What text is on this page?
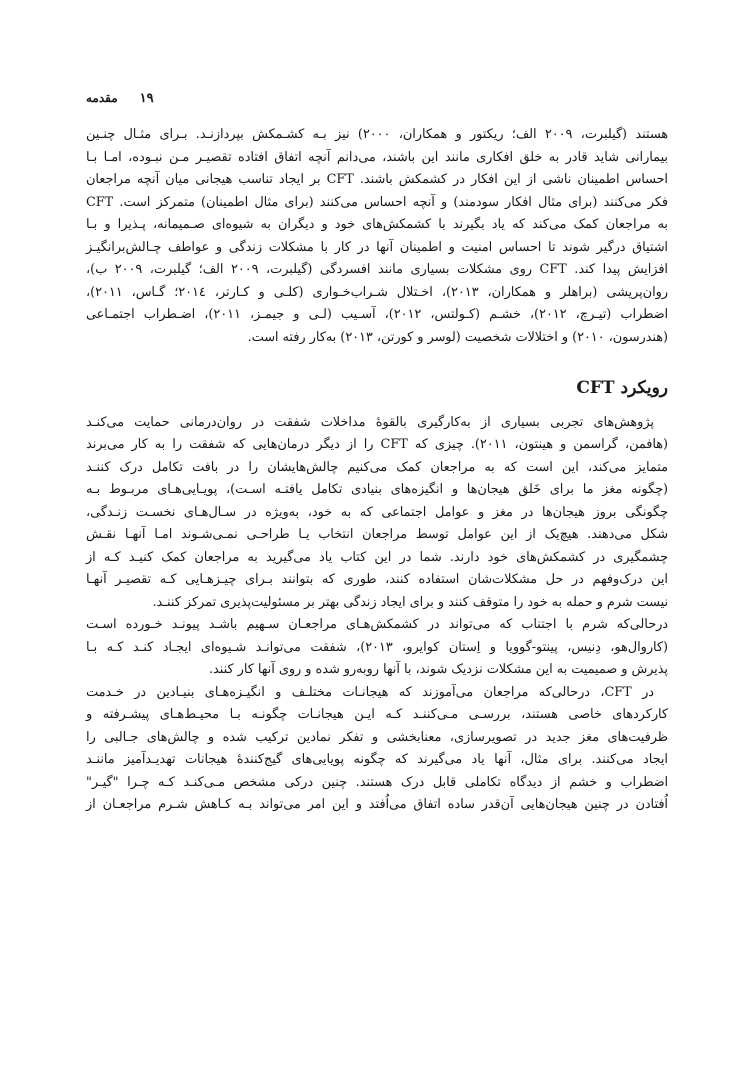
۱۹
مقدمه

هستند (گیلبرت، ۲۰۰۹ الف؛ ریکتور و همکاران، ۲۰۰۰) نیز بـه کشـمکش بپردازنـد. بـرای مثـال چنـین
بیمارانی شاید قادر به خلق افکاری مانند این باشند، می‌دانم آنچه اتفاق افتاده تقصیـر مـن نبـوده، امـا بـا
احساس اطمینان ناشی از این افکار در کشمکش باشند. CFT بر ایجاد تناسب هیجانی میان آنچه مراجعان
فکر می‌کنند (برای مثال افکار سودمند) و آنچه احساس می‌کنند (برای مثال اطمینان) متمرکز است. CFT
به مراجعان کمک می‌کند که یاد بگیرند با کشمکش‌های خود و دیگران به شیوه‌ای صـمیمانه، پـذیرا و بـا
اشتیاق درگیر شوند تا احساس امنیت و اطمینان آنها در کار با مشکلات زندگی و عواطف چـالش‌برانگیـز
افزایش پیدا کند. CFT روی مشکلات بسیاری مانند افسردگی (گیلبرت، ۲۰۰۹ الف؛ گیلبرت، ۲۰۰۹ ب)،
روان‌پریشی (براهلر و همکاران، ۲۰۱۳)، اخـتلال شـراب‌خـواری (کلـی و کـارتر، ۲۰۱٤؛ گـاس، ۲۰۱۱)،
اضطراب (تیـرچ، ۲۰۱۲)، خشـم (کـولتس، ۲۰۱۲)، آسـیب (لـی و جیمـز، ۲۰۱۱)، اضـطراب اجتمـاعی
(هندرسون، ۲۰۱۰) و اختلالات شخصیت (لوسر و کورتن، ۲۰۱۳) به‌کار رفته است.

رویکرد CFT

پژوهش‌های تجربی بسیاری از به‌کارگیری بالقوهٔ مداخلات شفقت در روان‌درمانی حمایت می‌کنـد
(هافمن، گراسمن و هینتون، ۲۰۱۱). چیزی که CFT را از دیگر درمان‌هایی که شفقت را به کار می‌برند
متمایز می‌کند، این است که به مراجعان کمک می‌کنیم چالش‌هایشان را در بافت تکامل درک کننـد
(چگونه مغز ما برای خَلق هیجان‌ها و انگیزه‌های بنیادی تکامل یافتـه اسـت)، پویـایی‌هـای مربـوط بـه
چگونگی بروز هیجان‌ها در مغز و عوامل اجتماعی که به خود، به‌ویژه در سـال‌هـای نخسـت زنـدگی،
شکل می‌دهند. هیچ‌یک از این عوامل توسط مراجعان انتخاب یـا طراحـی نمـی‌شـوند امـا آنهـا نقـش
چشمگیری در کشمکش‌های خود دارند. شما در این کتاب یاد می‌گیرید به مراجعان کمک کنیـد کـه از
این درک‌وفهم در حل مشکلات‌شان استفاده کنند، طوری که بتوانند بـرای چیـزهـایی کـه تقصیـر آنهـا
نیست شرم و حمله به خود را متوقف کنند و برای ایجاد زندگی بهتر بر مسئولیت‌پذیری تمرکز کننـد.

درحالی‌که شرم با اجتناب که می‌تواند در کشمکش‌هـای مراجعـان سـهیم باشـد پیونـد خـورده اسـت
(کاروال‌هو، دِنیس، پینتو-گوویا و اِستان کوایرو، ۲۰۱۳)، شفقت می‌توانـد شـیوه‌ای ایجـاد کنـد کـه بـا
پذیرش و صمیمیت به این مشکلات نزدیک شوند، با آنها روبه‌رو شده و روی آنها کار کنند.

در CFT، درحالی‌که مراجعان می‌آموزند که هیجانـات مختلـف و انگیـزه‌هـای بنیـادین در خـدمت
کارکردهای خاصی هستند، بررسـی مـی‌کننـد کـه ایـن هیجانـات چگونـه بـا محیـط‌هـای پیشـرفته و
ظرفیت‌های مغز جدید در تصویرسازی، معنابخشی و تفکر نمادین ترکیب شده و چالش‌های جـالبی را
ایجاد می‌کنند. برای مثال، آنها یاد می‌گیرند که چگونه پویایی‌های گیج‌کنندهٔ هیجانات تهدیـدآمیز ماننـد
اضطراب و خشم از دیدگاه تکاملی قابل درک هستند. چنین درکی مشخص مـی‌کنـد کـه چـرا "گیـر"
اُفتادن در چنین هیجان‌هایی آن‌قدر ساده اتفاق می‌اُفتد و این امر می‌تواند بـه کـاهش شـرم مراجعـان از
